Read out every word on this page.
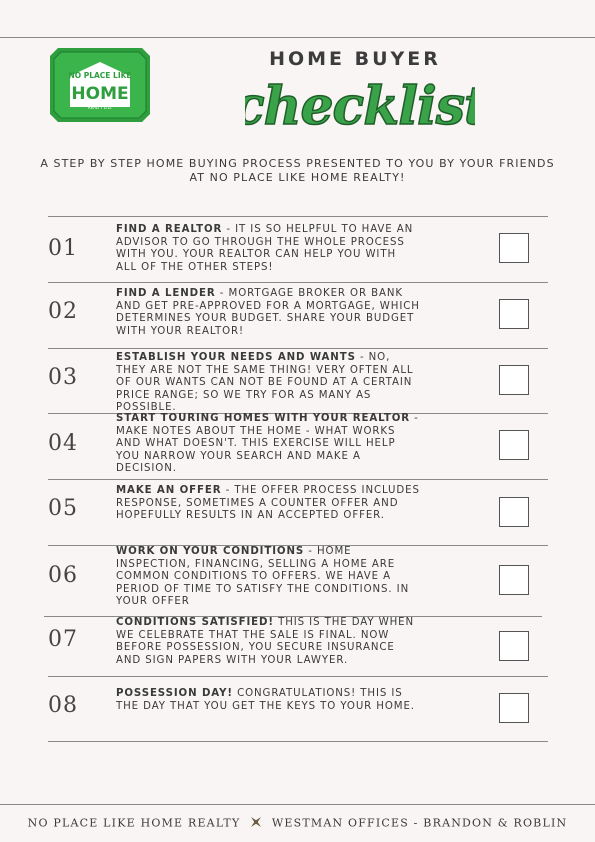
NO PLACE LIKE
HOME
REALTY LTD.
HOME BUYER
checklist
A STEP BY STEP HOME BUYING PROCESS PRESENTED TO YOU BY YOUR FRIENDS AT NO PLACE LIKE HOME REALTY!
01
FIND A REALTOR - IT IS SO HELPFUL TO HAVE AN ADVISOR TO GO THROUGH THE WHOLE PROCESS WITH YOU. YOUR REALTOR CAN HELP YOU WITH ALL OF THE OTHER STEPS!
02
FIND A LENDER - MORTGAGE BROKER OR BANK AND GET PRE-APPROVED FOR A MORTGAGE, WHICH DETERMINES YOUR BUDGET. SHARE YOUR BUDGET WITH YOUR REALTOR!
03
ESTABLISH YOUR NEEDS AND WANTS - NO, THEY ARE NOT THE SAME THING! VERY OFTEN ALL OF OUR WANTS CAN NOT BE FOUND AT A CERTAIN PRICE RANGE; SO WE TRY FOR AS MANY AS POSSIBLE.
04
START TOURING HOMES WITH YOUR REALTOR - MAKE NOTES ABOUT THE HOME - WHAT WORKS AND WHAT DOESN'T. THIS EXERCISE WILL HELP YOU NARROW YOUR SEARCH AND MAKE A DECISION.
05
MAKE AN OFFER - THE OFFER PROCESS INCLUDES RESPONSE, SOMETIMES A COUNTER OFFER AND HOPEFULLY RESULTS IN AN ACCEPTED OFFER.
06
WORK ON YOUR CONDITIONS - HOME INSPECTION, FINANCING, SELLING A HOME ARE COMMON CONDITIONS TO OFFERS. WE HAVE A PERIOD OF TIME TO SATISFY THE CONDITIONS. IN YOUR OFFER
07
CONDITIONS SATISFIED! THIS IS THE DAY WHEN WE CELEBRATE THAT THE SALE IS FINAL. NOW BEFORE POSSESSION, YOU SECURE INSURANCE AND SIGN PAPERS WITH YOUR LAWYER.
08	POSSESSION DAY! CONGRATULATIONS! THIS IS THE DAY THAT YOU GET THE KEYS TO YOUR HOME.
NO PLACE LIKE HOME REALTY	WESTMAN OFFICES - BRANDON & ROBLIN
